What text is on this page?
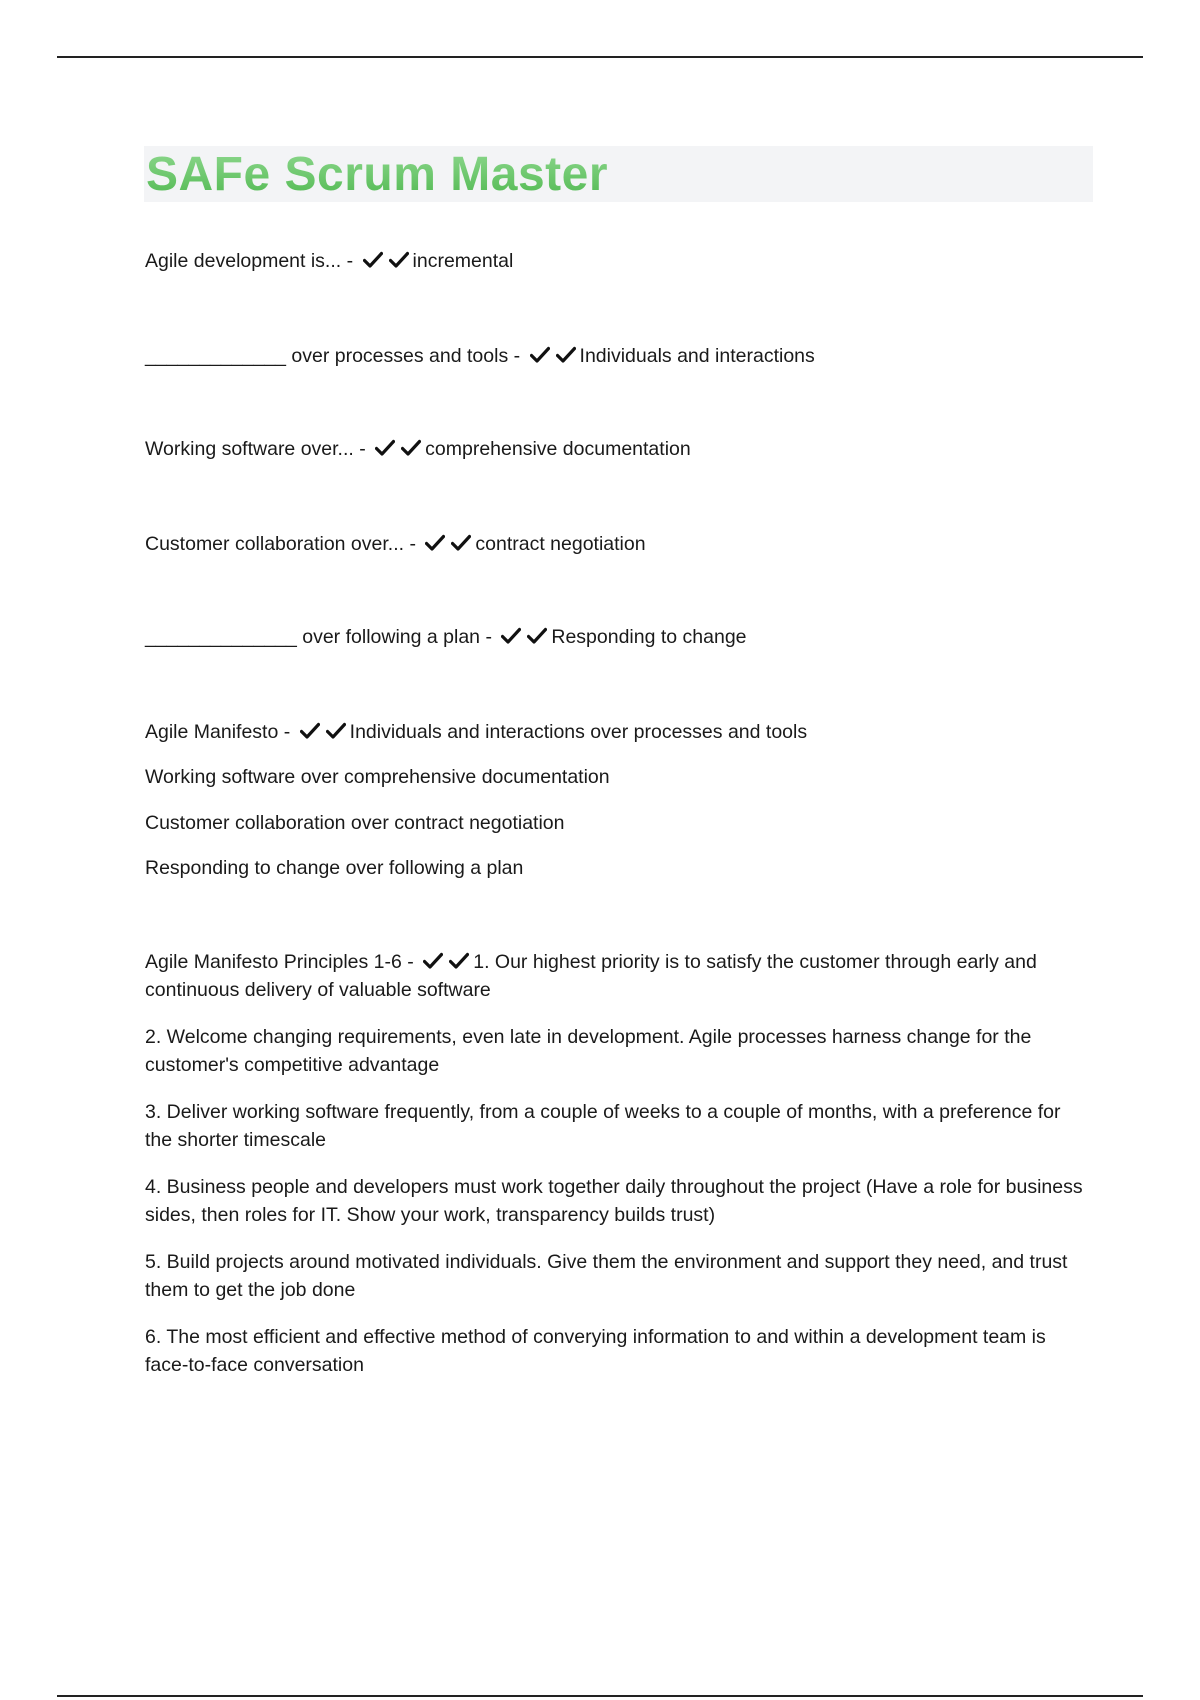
SAFe Scrum Master

Agile development is... -	incremental

_____________ over processes and tools -	Individuals and interactions

Working software over... -	comprehensive documentation

Customer collaboration over... -	contract negotiation

______________ over following a plan -	Responding to change

Agile Manifesto -	Individuals and interactions over processes and tools

Working software over comprehensive documentation

Customer collaboration over contract negotiation

Responding to change over following a plan

Agile Manifesto Principles 1-6 -	1. Our highest priority is to satisfy the customer through early and continuous delivery of valuable software

2. Welcome changing requirements, even late in development. Agile processes harness change for the customer's competitive advantage

3. Deliver working software frequently, from a couple of weeks to a couple of months, with a preference for the shorter timescale

4. Business people and developers must work together daily throughout the project (Have a role for business sides, then roles for IT. Show your work, transparency builds trust)

5. Build projects around motivated individuals. Give them the environment and support they need, and trust them to get the job done

6. The most efficient and effective method of converying information to and within a development team is face-to-face conversation
